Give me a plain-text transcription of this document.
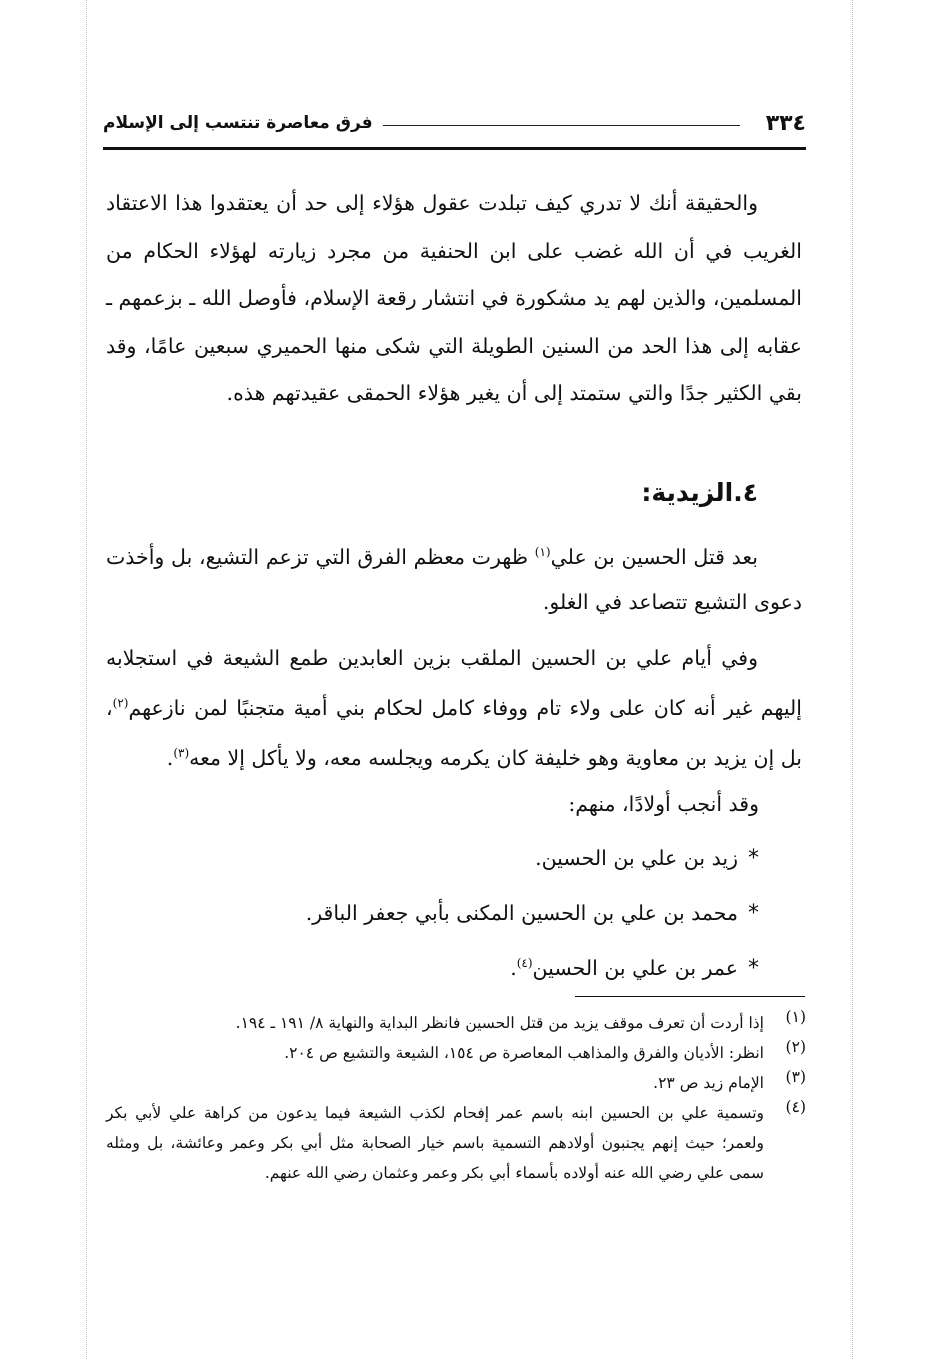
٣٣٤
فرق معاصرة تنتسب إلى الإسلام

والحقيقة أنك لا تدري كيف تبلدت عقول هؤلاء إلى حد أن يعتقدوا هذا الاعتقاد الغريب في أن الله غضب على ابن الحنفية من مجرد زيارته لهؤلاء الحكام من المسلمين، والذين لهم يد مشكورة في انتشار رقعة الإسلام، فأوصل الله ـ بزعمهم ـ عقابه إلى هذا الحد من السنين الطويلة التي شكى منها الحميري سبعين عامًا، وقد بقي الكثير جدًا والتي ستمتد إلى أن يغير هؤلاء الحمقى عقيدتهم هذه.

٤.الزيدية:

بعد قتل الحسين بن علي$^{(١)}$ ظهرت معظم الفرق التي تزعم التشيع، بل وأخذت دعوى التشيع تتصاعد في الغلو.

وفي أيام علي بن الحسين الملقب بزين العابدين طمع الشيعة في استجلابه إليهم غير أنه كان على ولاء تام ووفاء كامل لحكام بني أمية متجنبًا لمن نازعهم$^{(٢)}$، بل إن يزيد بن معاوية وهو خليفة كان يكرمه ويجلسه معه، ولا يأكل إلا معه$^{(٣)}$.

وقد أنجب أولادًا، منهم:
*زيد بن علي بن الحسين.
*محمد بن علي بن الحسين المكنى بأبي جعفر الباقر.
*عمر بن علي بن الحسين$^{(٤)}$.
(١)
إذا أردت أن تعرف موقف يزيد من قتل الحسين فانظر البداية والنهاية ٨/ ١٩١ ـ ١٩٤.
(٢)
انظر: الأديان والفرق والمذاهب المعاصرة ص ١٥٤، الشيعة والتشيع ص ٢٠٤.
(٣)
الإمام زيد ص ٢٣.
(٤)
وتسمية علي بن الحسين ابنه باسم عمر إفحام لكذب الشيعة فيما يدعون من كراهة علي لأبي بكر ولعمر؛ حيث إنهم يجنبون أولادهم التسمية باسم خيار الصحابة مثل أبي بكر وعمر وعائشة، بل ومثله سمى علي رضي الله عنه أولاده بأسماء أبي بكر وعمر وعثمان رضي الله عنهم.
